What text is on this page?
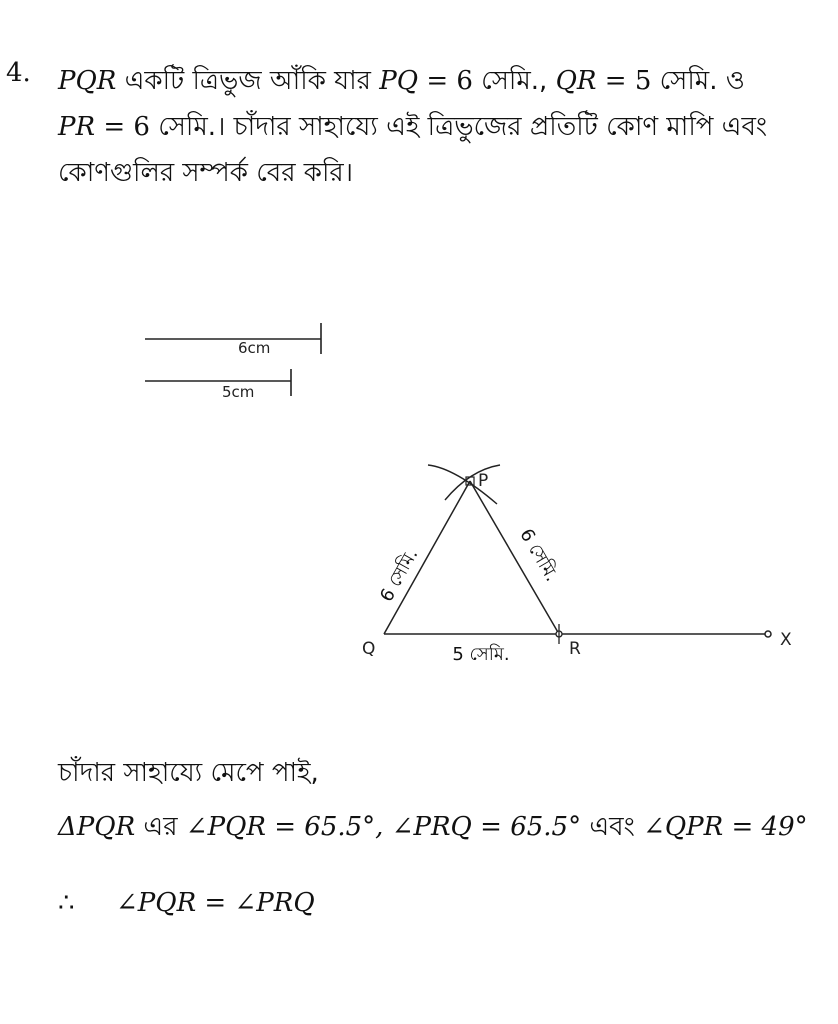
4. PQR একটি ত্রিভুজ আঁকি যার PQ = 6 সেমি., QR = 5 সেমি. ও
PR = 6 সেমি.। চাঁদার সাহায্যে এই ত্রিভুজের প্রতিটি কোণ মাপি এবং
কোণগুলির সম্পর্ক বের করি।
6cm
5cm
P
Q	R	X
6 সেমি.	6 সেমি.
5 সেমি.
চাঁদার সাহায্যে মেপে পাই,
ΔPQR এর ∠PQR = 65.5°, ∠PRQ = 65.5° এবং ∠QPR = 49°
∴ ∠PQR = ∠PRQ
